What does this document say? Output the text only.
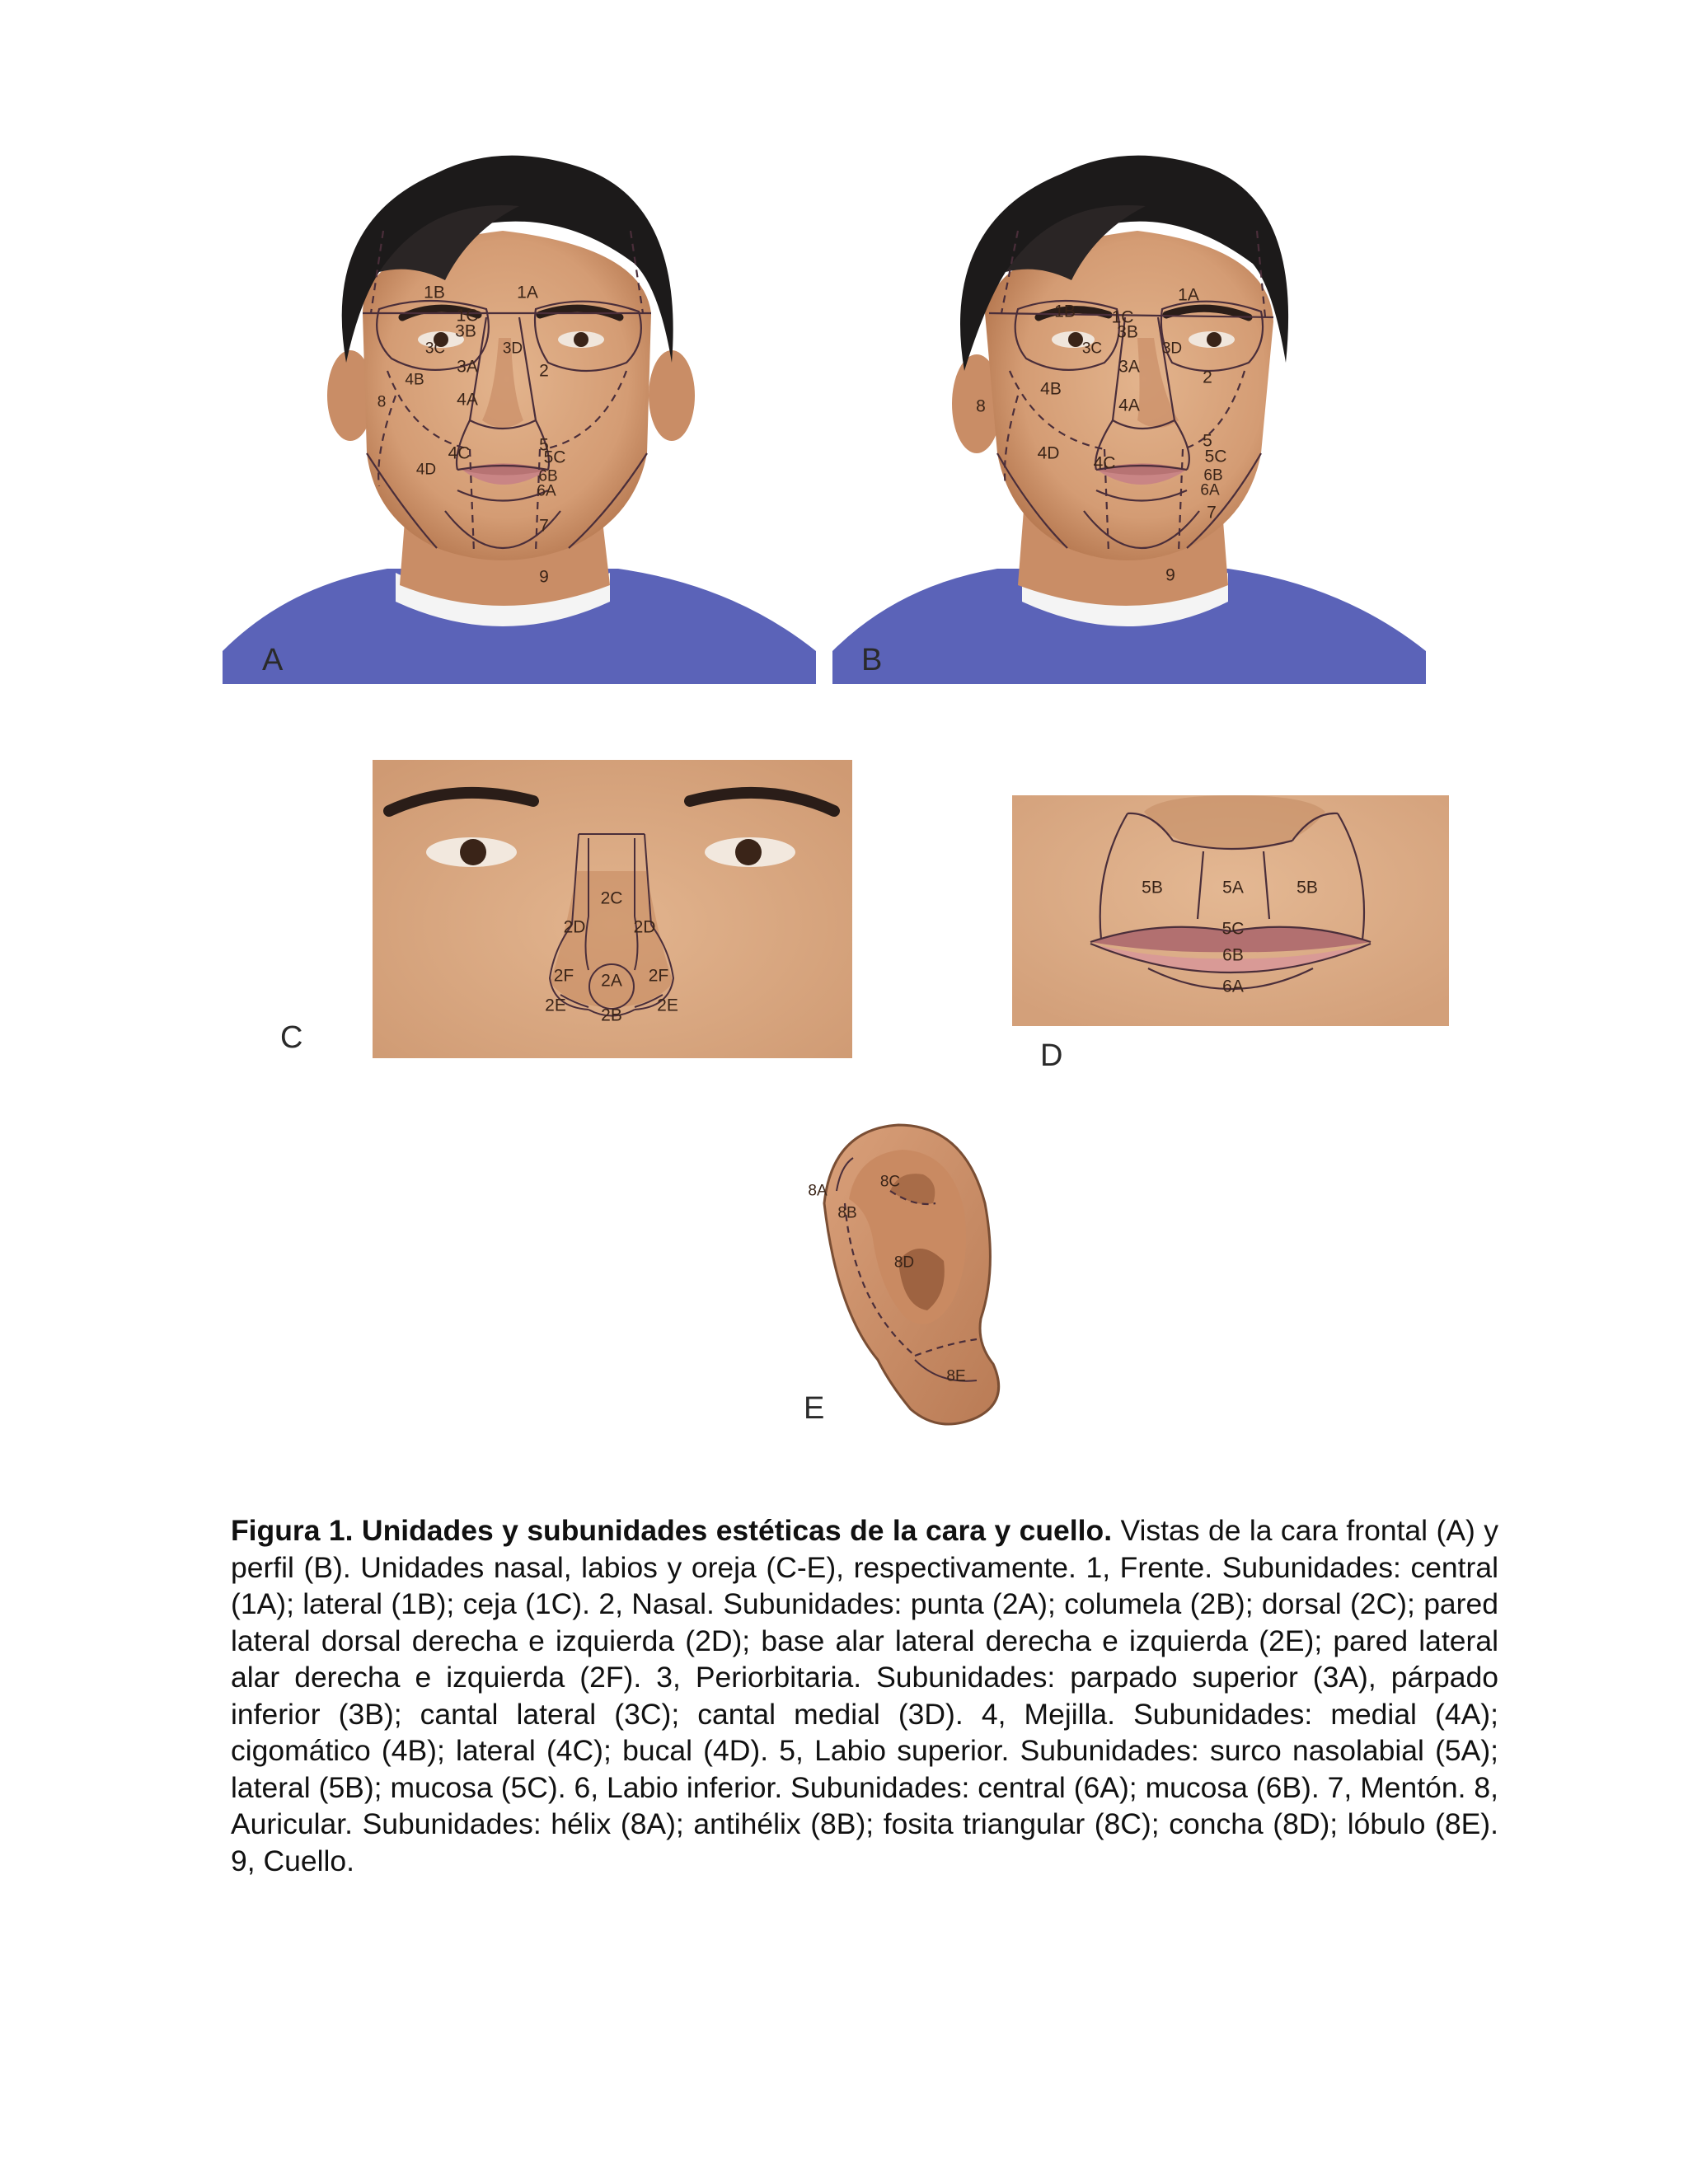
1A
1B
1C
3B
3C	3D
3A
4B
8
2
4A
4C
4D
5
5C
6B
6A
7
9
A
1A
1B 1C
3B
3C	3D
3A
4B
8
2
4A
4C
4D
5
5C
6B
6A
7
9
B
2C
2D	2D
2F 2A 2F
2E
2B
2E
C
5B	5A	5B
5C
6B
6A
D
8A
8C
8B
8D
8E
E

Figura 1. Unidades y subunidades estéticas de la cara y cuello. Vistas de la cara frontal (A) y perfil (B). Unidades nasal, labios y oreja (C-E), respectivamente. 1, Frente. Subunidades: central (1A); lateral (1B); ceja (1C). 2, Nasal. Subunidades: punta (2A); columela (2B); dorsal (2C); pared lateral dorsal derecha e izquierda (2D); base alar lateral derecha e izquierda (2E); pared lateral alar derecha e izquierda (2F). 3, Periorbitaria. Subunidades: parpado superior (3A), párpado inferior (3B); cantal lateral (3C); cantal medial (3D). 4, Mejilla. Subunidades: medial (4A); cigomático (4B); lateral (4C); bucal (4D). 5, Labio superior. Subunidades: surco nasolabial (5A); lateral (5B); mucosa (5C). 6, Labio inferior. Subunidades: central (6A); mucosa (6B). 7, Mentón. 8, Auricular. Subunidades: hélix (8A); antihélix (8B); fosita triangular (8C); concha (8D); lóbulo (8E). 9, Cuello.
